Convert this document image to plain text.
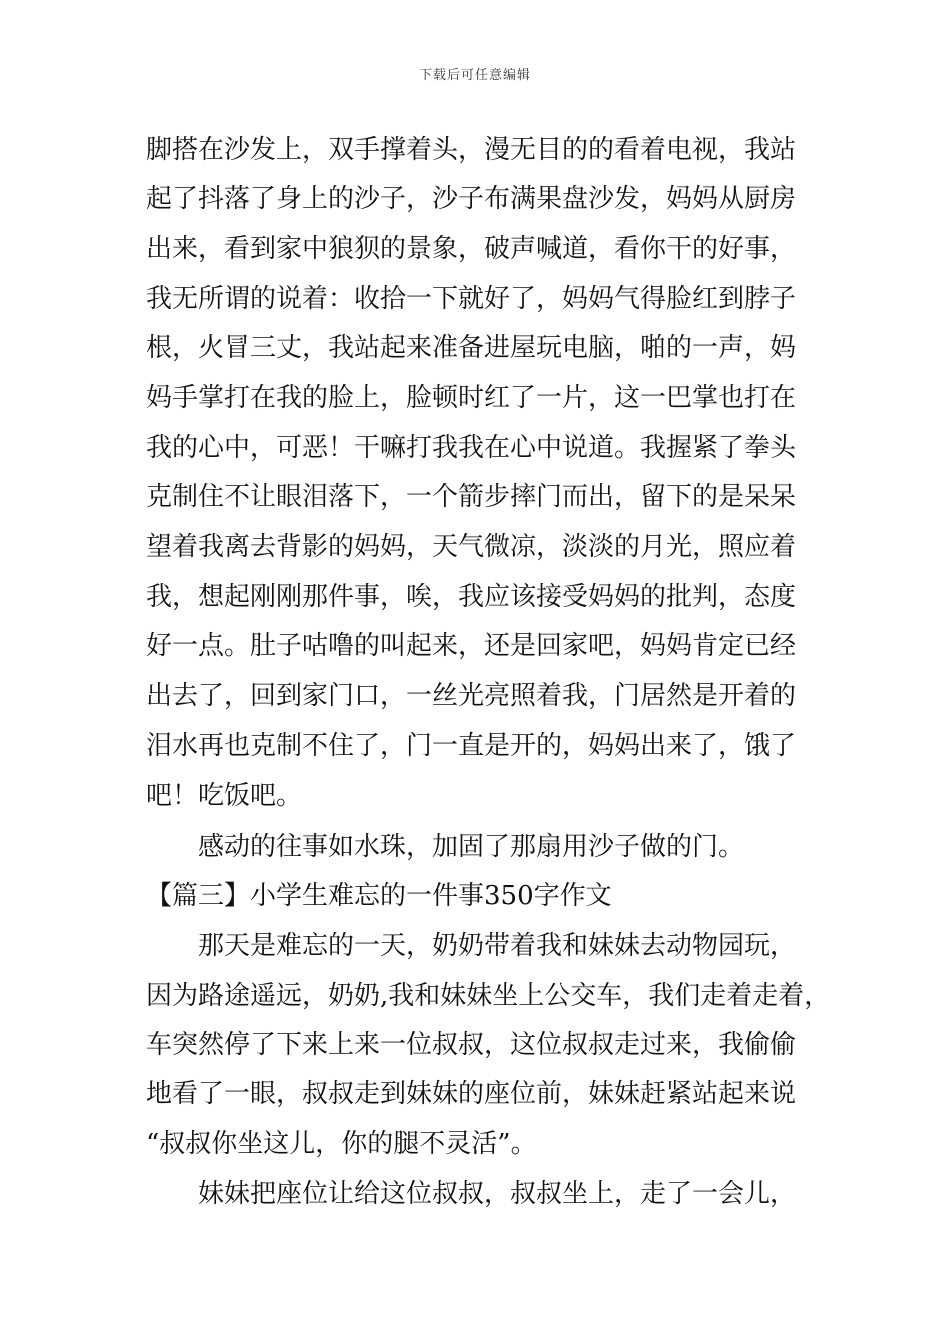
下载后可任意编辑
脚搭在沙发上，双手撑着头，漫无目的的看着电视，我站
起了抖落了身上的沙子，沙子布满果盘沙发，妈妈从厨房
出来，看到家中狼狈的景象，破声喊道，看你干的好事，
我无所谓的说着：收拾一下就好了，妈妈气得脸红到脖子
根，火冒三丈，我站起来准备进屋玩电脑，啪的一声，妈
妈手掌打在我的脸上，脸顿时红了一片，这一巴掌也打在
我的心中，可恶！干嘛打我我在心中说道。我握紧了拳头
克制住不让眼泪落下，一个箭步摔门而出，留下的是呆呆
望着我离去背影的妈妈，天气微凉，淡淡的月光，照应着
我，想起刚刚那件事，唉，我应该接受妈妈的批判，态度
好一点。肚子咕噜的叫起来，还是回家吧，妈妈肯定已经
出去了，回到家门口，一丝光亮照着我，门居然是开着的
泪水再也克制不住了，门一直是开的，妈妈出来了，饿了
吧！吃饭吧。
感动的往事如水珠，加固了那扇用沙子做的门。
【篇三】小学生难忘的一件事350字作文
那天是难忘的一天，奶奶带着我和妹妹去动物园玩，
因为路途遥远，奶奶,我和妹妹坐上公交车，我们走着走着，
车突然停了下来上来一位叔叔，这位叔叔走过来，我偷偷
地看了一眼，叔叔走到妹妹的座位前，妹妹赶紧站起来说
“叔叔你坐这儿，你的腿不灵活”。
妹妹把座位让给这位叔叔，叔叔坐上，走了一会儿，
